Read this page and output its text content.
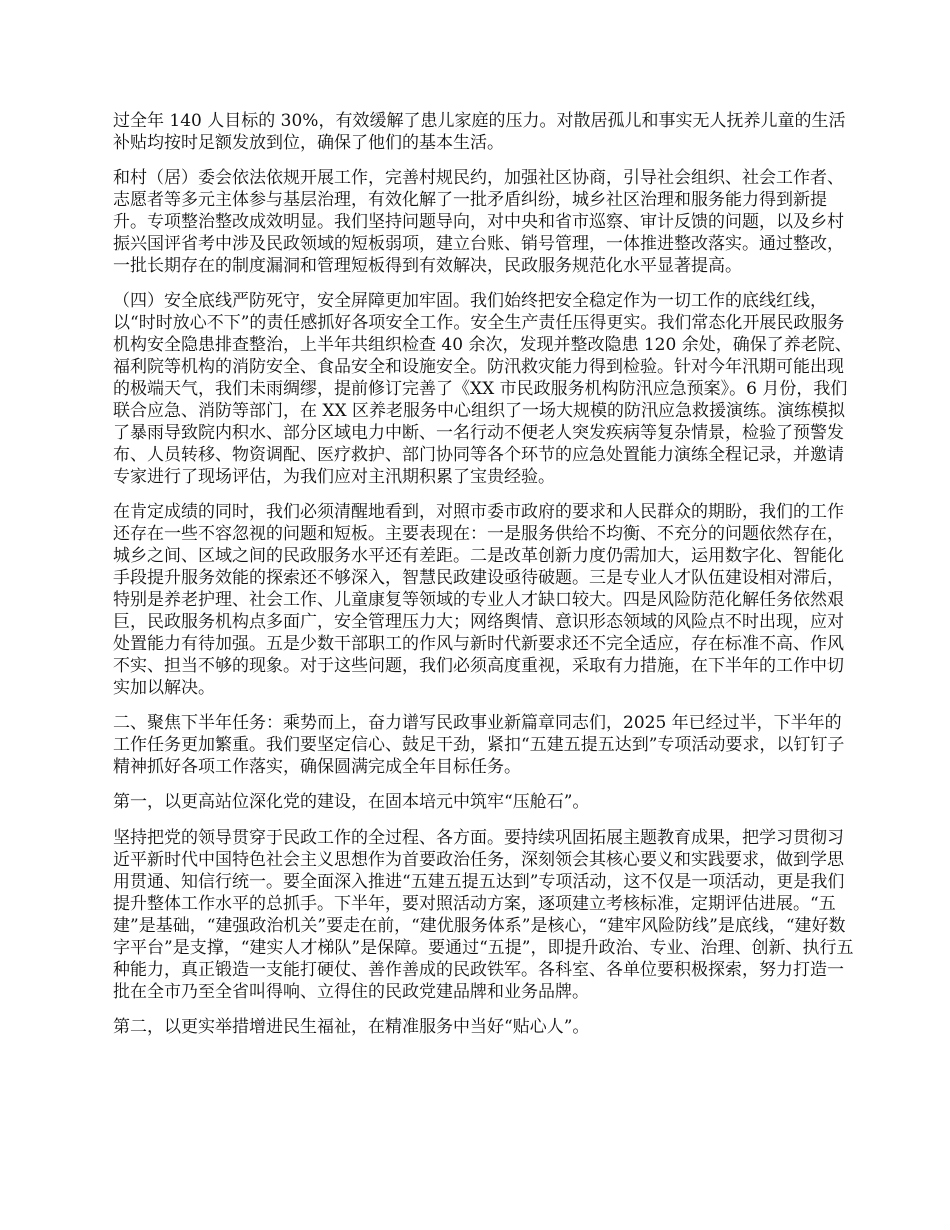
过全年 140 人目标的 30%，有效缓解了患儿家庭的压力。对散居孤儿和事实无人抚养儿童的生活补贴均按时足额发放到位，确保了他们的基本生活。

和村（居）委会依法依规开展工作，完善村规民约，加强社区协商，引导社会组织、社会工作者、志愿者等多元主体参与基层治理，有效化解了一批矛盾纠纷，城乡社区治理和服务能力得到新提升。专项整治整改成效明显。我们坚持问题导向，对中央和省市巡察、审计反馈的问题，以及乡村振兴国评省考中涉及民政领域的短板弱项，建立台账、销号管理，一体推进整改落实。通过整改，一批长期存在的制度漏洞和管理短板得到有效解决，民政服务规范化水平显著提高。

（四）安全底线严防死守，安全屏障更加牢固。我们始终把安全稳定作为一切工作的底线红线，以“时时放心不下”的责任感抓好各项安全工作。安全生产责任压得更实。我们常态化开展民政服务机构安全隐患排查整治，上半年共组织检查 40 余次，发现并整改隐患 120 余处，确保了养老院、福利院等机构的消防安全、食品安全和设施安全。防汛救灾能力得到检验。针对今年汛期可能出现的极端天气，我们未雨绸缪，提前修订完善了《XX 市民政服务机构防汛应急预案》。6 月份，我们联合应急、消防等部门，在 XX 区养老服务中心组织了一场大规模的防汛应急救援演练。演练模拟了暴雨导致院内积水、部分区域电力中断、一名行动不便老人突发疾病等复杂情景，检验了预警发布、人员转移、物资调配、医疗救护、部门协同等各个环节的应急处置能力演练全程记录，并邀请专家进行了现场评估，为我们应对主汛期积累了宝贵经验。

在肯定成绩的同时，我们必须清醒地看到，对照市委市政府的要求和人民群众的期盼，我们的工作还存在一些不容忽视的问题和短板。主要表现在：一是服务供给不均衡、不充分的问题依然存在，城乡之间、区域之间的民政服务水平还有差距。二是改革创新力度仍需加大，运用数字化、智能化手段提升服务效能的探索还不够深入，智慧民政建设亟待破题。三是专业人才队伍建设相对滞后，特别是养老护理、社会工作、儿童康复等领域的专业人才缺口较大。四是风险防范化解任务依然艰巨，民政服务机构点多面广，安全管理压力大；网络舆情、意识形态领域的风险点不时出现，应对处置能力有待加强。五是少数干部职工的作风与新时代新要求还不完全适应，存在标准不高、作风不实、担当不够的现象。对于这些问题，我们必须高度重视，采取有力措施，在下半年的工作中切实加以解决。

二、聚焦下半年任务：乘势而上，奋力谱写民政事业新篇章同志们，2025 年已经过半，下半年的工作任务更加繁重。我们要坚定信心、鼓足干劲，紧扣“五建五提五达到”专项活动要求，以钉钉子精神抓好各项工作落实，确保圆满完成全年目标任务。

第一，以更高站位深化党的建设，在固本培元中筑牢“压舱石”。

坚持把党的领导贯穿于民政工作的全过程、各方面。要持续巩固拓展主题教育成果，把学习贯彻习近平新时代中国特色社会主义思想作为首要政治任务，深刻领会其核心要义和实践要求，做到学思用贯通、知信行统一。要全面深入推进“五建五提五达到”专项活动，这不仅是一项活动，更是我们提升整体工作水平的总抓手。下半年，要对照活动方案，逐项建立考核标准，定期评估进展。“五建”是基础，“建强政治机关”要走在前，“建优服务体系”是核心，“建牢风险防线”是底线，“建好数字平台”是支撑，“建实人才梯队”是保障。要通过“五提”，即提升政治、专业、治理、创新、执行五种能力，真正锻造一支能打硬仗、善作善成的民政铁军。各科室、各单位要积极探索，努力打造一批在全市乃至全省叫得响、立得住的民政党建品牌和业务品牌。

第二，以更实举措增进民生福祉，在精准服务中当好“贴心人”。
